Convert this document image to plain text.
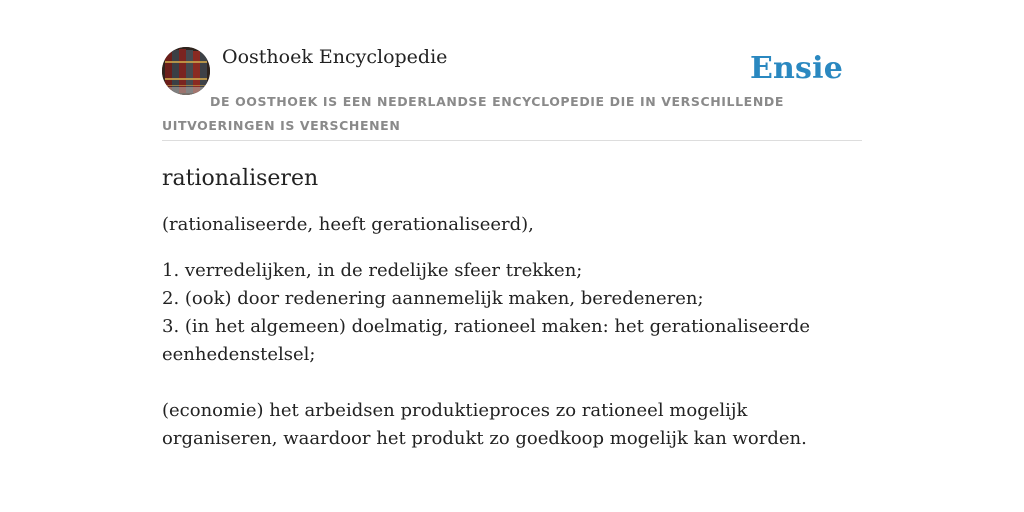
Oosthoek Encyclopedie	Ensie
DE OOSTHOEK IS EEN NEDERLANDSE ENCYCLOPEDIE DIE IN VERSCHILLENDE UITVOERINGEN IS VERSCHENEN
rationaliseren

(rationaliseerde, heeft gerationaliseerd),

1. verredelijken, in de redelijke sfeer trekken;
2. (ook) door redenering aannemelijk maken, beredeneren;
3. (in het algemeen) doelmatig, rationeel maken: het gerationaliseerde eenhedenstelsel;

(economie) het arbeidsen produktieproces zo rationeel mogelijk organiseren, waardoor het produkt zo goedkoop mogelijk kan worden.
